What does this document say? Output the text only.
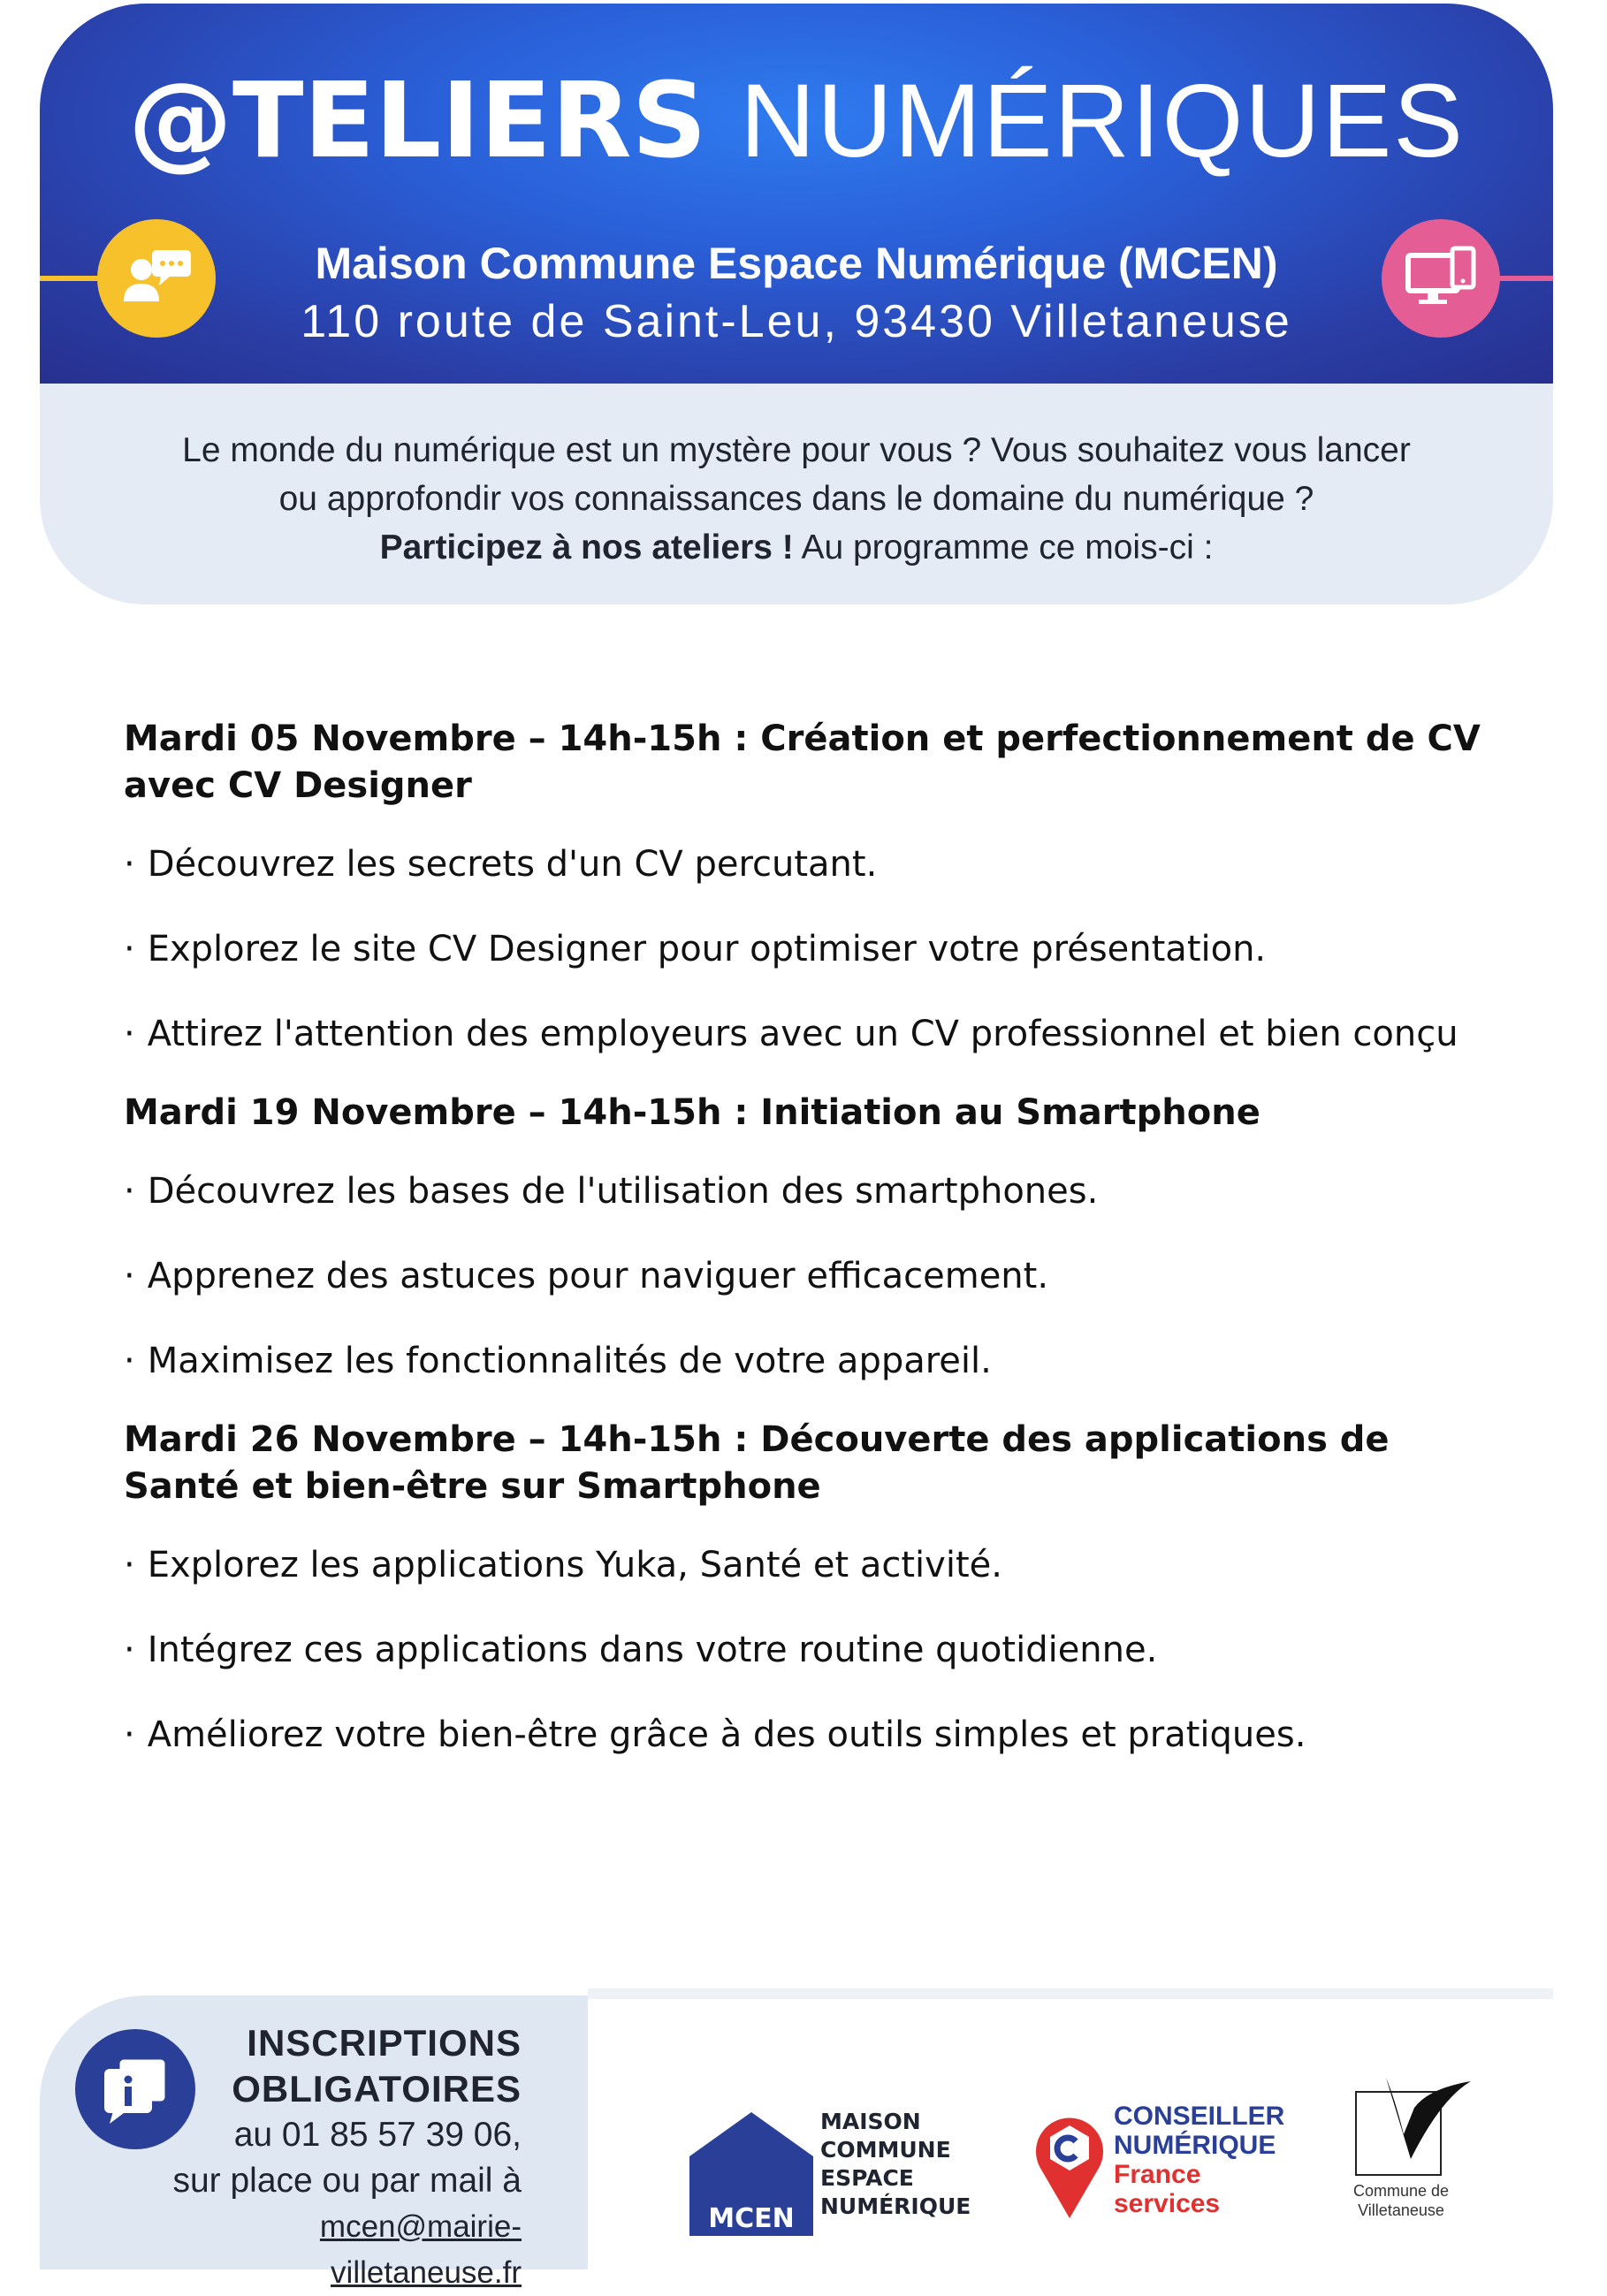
@TELIERS NUMÉRIQUES
Maison Commune Espace Numérique (MCEN)
110 route de Saint-Leu, 93430 Villetaneuse

Le monde du numérique est un mystère pour vous ? Vous souhaitez vous lancer

ou approfondir vos connaissances dans le domaine du numérique ?

Participez à nos ateliers ! Au programme ce mois-ci :

Mardi 05 Novembre – 14h-15h : Création et perfectionnement de CV avec CV Designer

· Découvrez les secrets d'un CV percutant.

· Explorez le site CV Designer pour optimiser votre présentation.

· Attirez l'attention des employeurs avec un CV professionnel et bien conçu

Mardi 19 Novembre – 14h-15h : Initiation au Smartphone

· Découvrez les bases de l'utilisation des smartphones.

· Apprenez des astuces pour naviguer efficacement.

· Maximisez les fonctionnalités de votre appareil.

Mardi 26 Novembre – 14h-15h : Découverte des applications de Santé et bien-être sur Smartphone

· Explorez les applications Yuka, Santé et activité.

· Intégrez ces applications dans votre routine quotidienne.

· Améliorez votre bien-être grâce à des outils simples et pratiques.

INSCRIPTIONS
OBLIGATOIRES
au 01 85 57 39 06,
sur place ou par mail à
mcen@mairie-villetaneuse.fr
MCEN
MAISON
COMMUNE
ESPACE
NUMÉRIQUE
CONSEILLER
NUMÉRIQUE
France
services	Commune de
Villetaneuse
